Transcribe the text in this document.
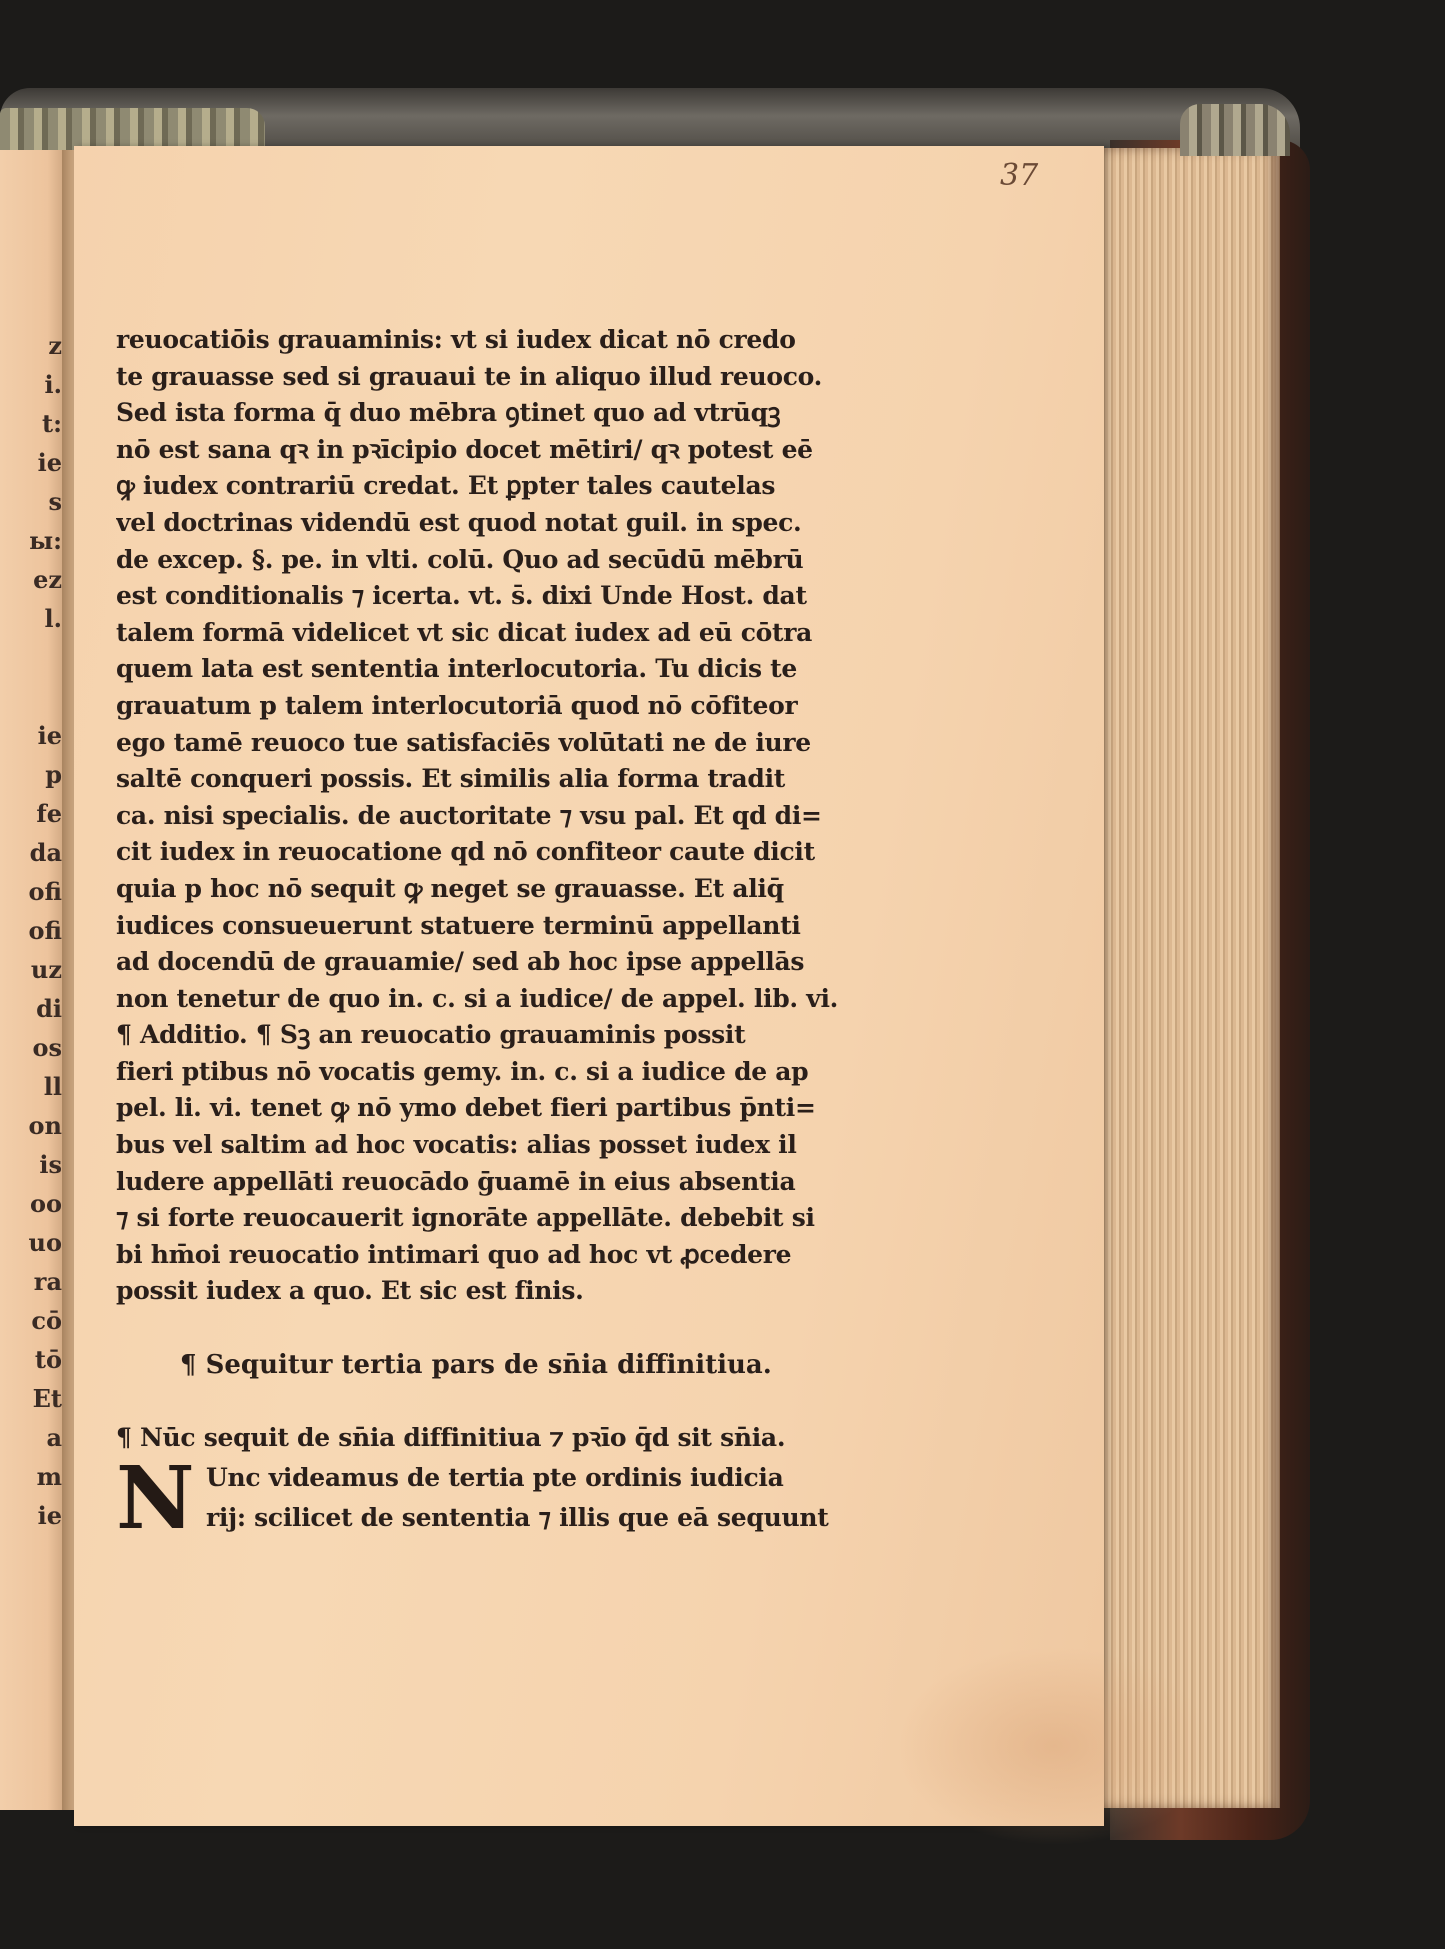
37
z
i.
t:
ie
s
ы:
ez
l.
ie
p
fe
da
ofi
ofi
uz
di
os
ll
on
is
oo
uo
ra
cō
tō
Et
a
m
ie
reuocatiōis grauaminis: vt si iudex dicat nō credo
te grauasse sed si grauaui te in aliquo illud reuoco.
Sed ista forma q̄ duo mēbra ꝯtinet quo ad vtrūqꝫ
nō est sana qꝛ in pꝛīcipio docet mētiri/ qꝛ potest eē
ꝙ iudex contrariū credat. Et ꝑpter tales cautelas
vel doctrinas videndū est quod notat guil. in spec.
de excep. §. pe. in vlti. colū. Quo ad secūdū mēbrū
est conditionalis ⁊ icerta. vt. s̄. dixi Unde Host. dat
talem formā videlicet vt sic dicat iudex ad eū cōtra
quem lata est sententia interlocutoria. Tu dicis te
grauatum p talem interlocutoriā quod nō cōfiteor
ego tamē reuoco tue satisfaciēs volūtati ne de iure
saltē conqueri possis. Et similis alia forma tradit
ca. nisi specialis. de auctoritate ⁊ vsu pal. Et qd di=
cit iudex in reuocatione qd nō confiteor caute dicit
quia p hoc nō sequit ꝙ neget se grauasse. Et aliq̄
iudices consueuerunt statuere terminū appellanti
ad docendū de grauamie/ sed ab hoc ipse appellās
non tenetur de quo in. c. si a iudice/ de appel. lib. vi.
¶ Additio. ¶ Sꝫ an reuocatio grauaminis possit
fieri ptibus nō vocatis gemy. in. c. si a iudice de ap
pel. li. vi. tenet ꝙ nō ymo debet fieri partibus p̄nti=
bus vel saltim ad hoc vocatis: alias posset iudex il
ludere appellāti reuocādo ḡuamē in eius absentia
⁊ si forte reuocauerit ignorāte appellāte. debebit si
bi hm̄oi reuocatio intimari quo ad hoc vt ꝓcedere
possit iudex a quo. Et sic est finis.
¶ Sequitur tertia pars de sn̄ia diffinitiua.
¶ Nūc sequit de sn̄ia diffinitiua ⁊ pꝛīo q̄d sit sn̄ia.
Unc videamus de tertia pte ordinis iudicia
rij: scilicet de sententia ⁊ illis que eā sequunt
N
